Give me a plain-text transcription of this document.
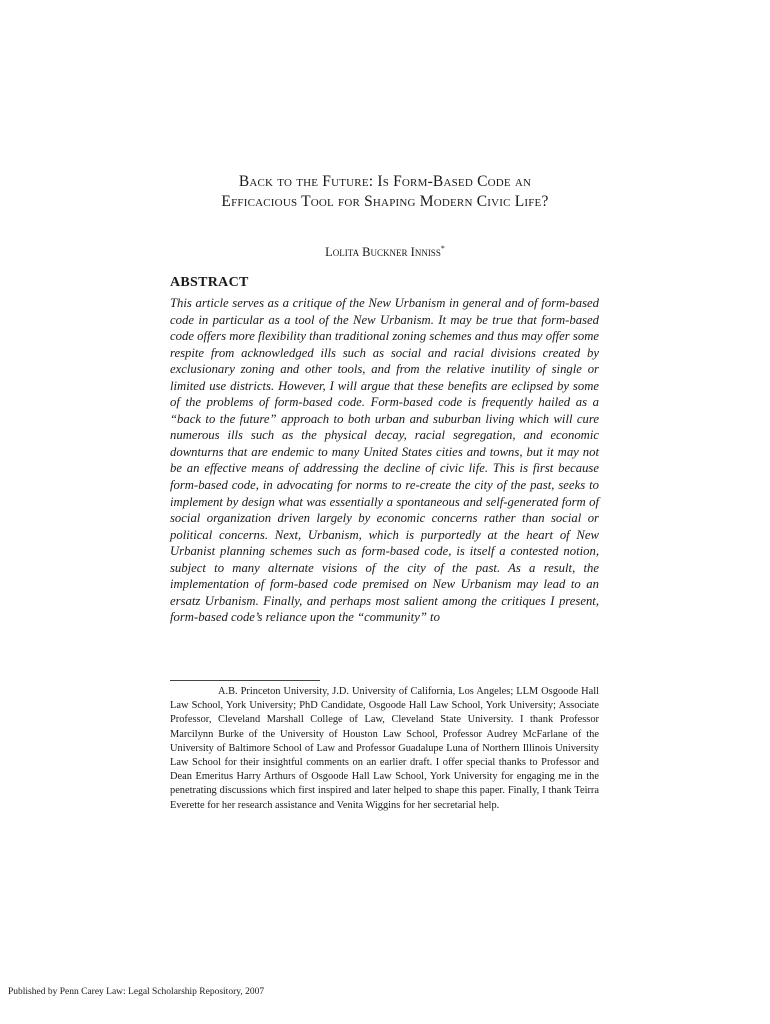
Back to the Future: Is Form-Based Code an
Efficacious Tool for Shaping Modern Civic Life?

Lolita Buckner Inniss*

ABSTRACT

This article serves as a critique of the New Urbanism in general and of form-based code in particular as a tool of the New Urbanism. It may be true that form-based code offers more flexibility than traditional zoning schemes and thus may offer some respite from acknowledged ills such as social and racial divisions created by exclusionary zoning and other tools, and from the relative inutility of single or limited use districts. However, I will argue that these benefits are eclipsed by some of the problems of form-based code. Form-based code is frequently hailed as a “back to the future” approach to both urban and suburban living which will cure numerous ills such as the physical decay, racial segregation, and economic downturns that are endemic to many United States cities and towns, but it may not be an effective means of addressing the decline of civic life. This is first because form-based code, in advocating for norms to re-create the city of the past, seeks to implement by design what was essentially a spontaneous and self-generated form of social organization driven largely by economic concerns rather than social or political concerns. Next, Urbanism, which is purportedly at the heart of New Urbanist planning schemes such as form-based code, is itself a contested notion, subject to many alternate visions of the city of the past. As a result, the implementation of form-based code premised on New Urbanism may lead to an ersatz Urbanism. Finally, and perhaps most salient among the critiques I present, form-based code’s reliance upon the “community” to

A.B. Princeton University, J.D. University of California, Los Angeles; LLM Osgoode Hall Law School, York University; PhD Candidate, Osgoode Hall Law School, York University; Associate Professor, Cleveland Marshall College of Law, Cleveland State University. I thank Professor Marcilynn Burke of the University of Houston Law School, Professor Audrey McFarlane of the University of Baltimore School of Law and Professor Guadalupe Luna of Northern Illinois University Law School for their insightful comments on an earlier draft. I offer special thanks to Professor and Dean Emeritus Harry Arthurs of Osgoode Hall Law School, York University for engaging me in the penetrating discussions which first inspired and later helped to shape this paper. Finally, I thank Teirra Everette for her research assistance and Venita Wiggins for her secretarial help.

Published by Penn Carey Law: Legal Scholarship Repository, 2007
